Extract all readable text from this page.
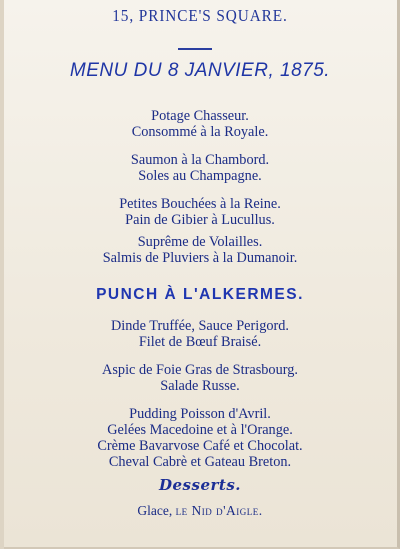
15, PRINCE'S SQUARE.
MENU DU 8 JANVIER, 1875.
Potage Chasseur.
Consommé à la Royale.
Saumon à la Chambord.
Soles au Champagne.
Petites Bouchées à la Reine.
Pain de Gibier à Lucullus.
Suprême de Volailles.
Salmis de Pluviers à la Dumanoir.
PUNCH À L'ALKERMES.
Dinde Truffée, Sauce Perigord.
Filet de Bœuf Braisé.
Aspic de Foie Gras de Strasbourg.
Salade Russe.
Pudding Poisson d'Avril.
Gelées Macedoine et à l'Orange.
Crème Bavarvose Café et Chocolat.
Cheval Cabrè et Gateau Breton.
Desserts.
Glace, le Nid d'Aigle.
